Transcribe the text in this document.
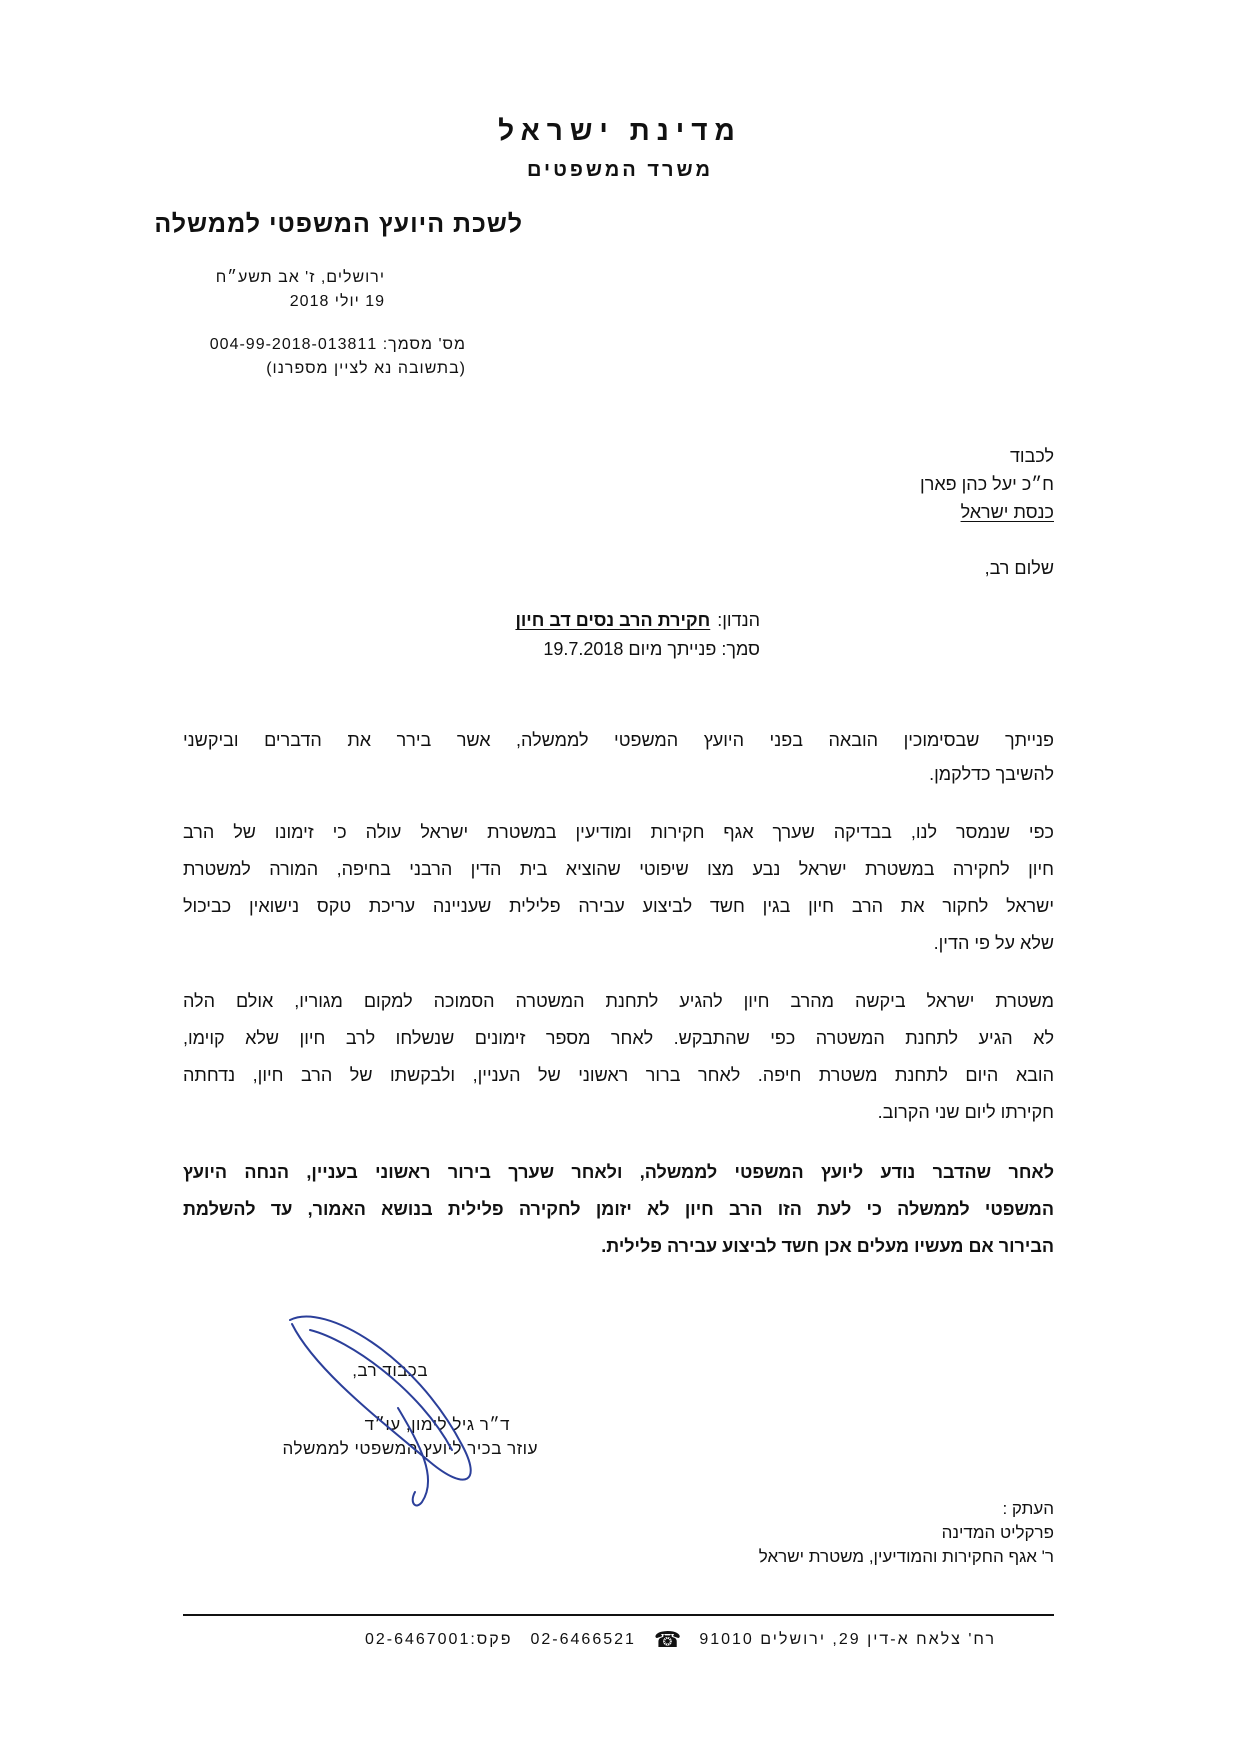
מדינת ישראל
משרד המשפטים
לשכת היועץ המשפטי לממשלה
ירושלים, ז' אב תשע״ח
19 יולי 2018
מס' מסמך: 004-99-2018-013811
(בתשובה נא לציין מספרנו)
לכבוד
ח״כ יעל כהן פארן
כנסת ישראל
שלום רב,
הנדון:חקירת הרב נסים דב חיון
סמך: פנייתך מיום 19.7.2018
פנייתך שבסימוכין הובאה בפני היועץ המשפטי לממשלה, אשר בירר את הדברים וביקשני
להשיבך כדלקמן.
כפי שנמסר לנו, בבדיקה שערך אגף חקירות ומודיעין במשטרת ישראל עולה כי זימונו של הרב
חיון לחקירה במשטרת ישראל נבע מצו שיפוטי שהוציא בית הדין הרבני בחיפה, המורה למשטרת
ישראל לחקור את הרב חיון בגין חשד לביצוע עבירה פלילית שעניינה עריכת טקס נישואין כביכול
שלא על פי הדין.
משטרת ישראל ביקשה מהרב חיון להגיע לתחנת המשטרה הסמוכה למקום מגוריו, אולם הלה
לא הגיע לתחנת המשטרה כפי שהתבקש. לאחר מספר זימונים שנשלחו לרב חיון שלא קוימו,
הובא היום לתחנת משטרת חיפה. לאחר ברור ראשוני של העניין, ולבקשתו של הרב חיון, נדחתה
חקירתו ליום שני הקרוב.
לאחר שהדבר נודע ליועץ המשפטי לממשלה, ולאחר שערך בירור ראשוני בעניין, הנחה היועץ
המשפטי לממשלה כי לעת הזו הרב חיון לא יזומן לחקירה פלילית בנושא האמור, עד להשלמת
הבירור אם מעשיו מעלים אכן חשד לביצוע עבירה פלילית.
בכבוד רב,
ד״ר גיל לימון, עו״ד
עוזר בכיר ליועץ המשפטי לממשלה
העתק :
פרקליט המדינה
ר' אגף החקירות והמודיעין, משטרת ישראל
רח' צלאח א-דין 29, ירושלים 91010
☎
02-6466521
פקס:02-6467001
